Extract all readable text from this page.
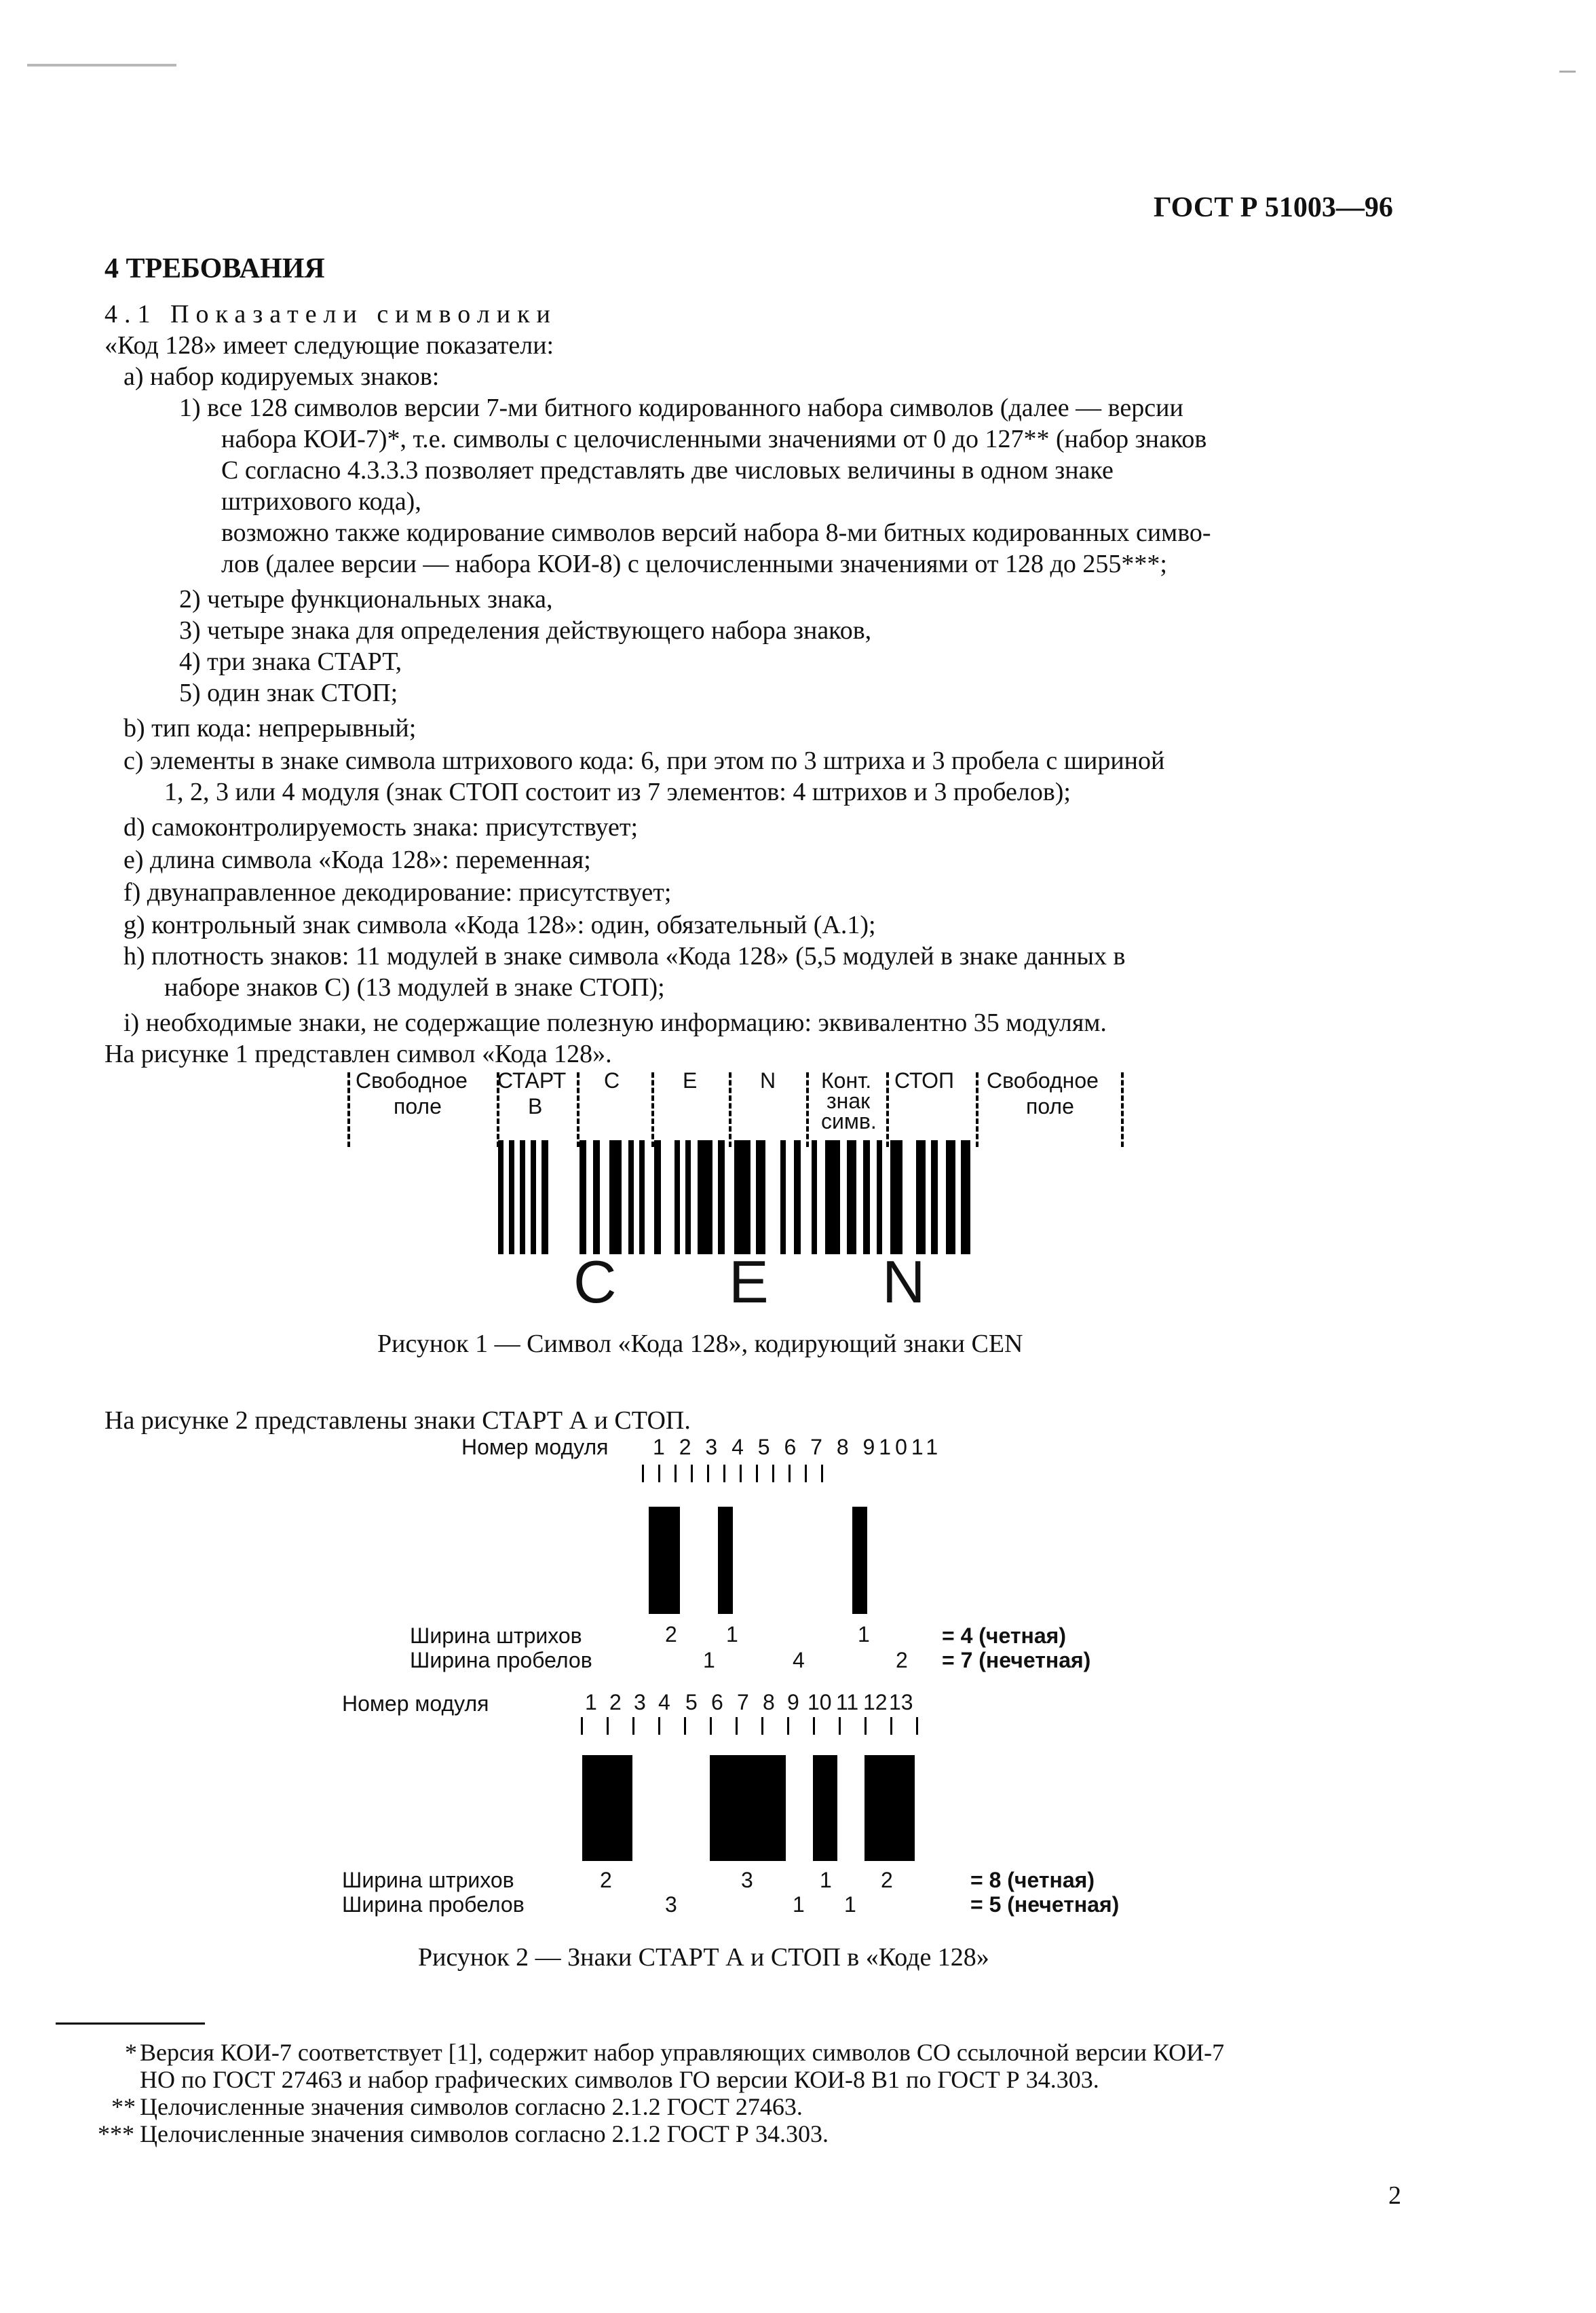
ГОСТ Р 51003—96
4 ТРЕБОВАНИЯ
4.1 Показатели символики
«Код 128» имеет следующие показатели:
а) набор кодируемых знаков:
1) все 128 символов версии 7-ми битного кодированного набора символов (далее — версии
набора КОИ-7)*, т.е. символы с целочисленными значениями от 0 до 127** (набор знаков
С согласно 4.3.3.3 позволяет представлять две числовых величины в одном знаке
штрихового кода),
возможно также кодирование символов версий набора 8-ми битных кодированных симво-
лов (далее версии — набора КОИ-8) с целочисленными значениями от 128 до 255***;
2) четыре функциональных знака,
3) четыре знака для определения действующего набора знаков,
4) три знака СТАРТ,
5) один знак СТОП;
b) тип кода: непрерывный;
c) элементы в знаке символа штрихового кода: 6, при этом по 3 штриха и 3 пробела с шириной
1, 2, 3 или 4 модуля (знак СТОП состоит из 7 элементов: 4 штрихов и 3 пробелов);
d) самоконтролируемость знака: присутствует;
e) длина символа «Кода 128»: переменная;
f) двунаправленное декодирование: присутствует;
g) контрольный знак символа «Кода 128»: один, обязательный (А.1);
h) плотность знаков: 11 модулей в знаке символа «Кода 128» (5,5 модулей в знаке данных в
наборе знаков С) (13 модулей в знаке СТОП);
i) необходимые знаки, не содержащие полезную информацию: эквивалентно 35 модулям.
На рисунке 1 представлен символ «Кода 128».
Свободное
поле
СТАРТ
В
С	Е	N Конт.
знак
симв.
СТОП Свободное
поле
C E N
Рисунок 1 — Символ «Кода 128», кодирующий знаки CEN
На рисунке 2 представлены знаки СТАРТ А и СТОП.
Номер модуля 1 2 3 4 5 6 7 8 91011
Ширина штрихов
Ширина пробелов
2 1	1
1	4	2
= 4 (четная)
= 7 (нечетная)
Номер модуля	1 2 3 4 5 6 7 8 9 10 11 12 13
Ширина штрихов
Ширина пробелов
2	3	1 2
3	1 1
= 8 (четная)
= 5 (нечетная)
Рисунок 2 — Знаки СТАРТ А и СТОП в «Коде 128»
* Версия КОИ-7 соответствует [1], содержит набор управляющих символов СО ссылочной версии КОИ-7
НО по ГОСТ 27463 и набор графических символов ГО версии КОИ-8 В1 по ГОСТ Р 34.303.
** Целочисленные значения символов согласно 2.1.2 ГОСТ 27463.
*** Целочисленные значения символов согласно 2.1.2 ГОСТ Р 34.303.
2
